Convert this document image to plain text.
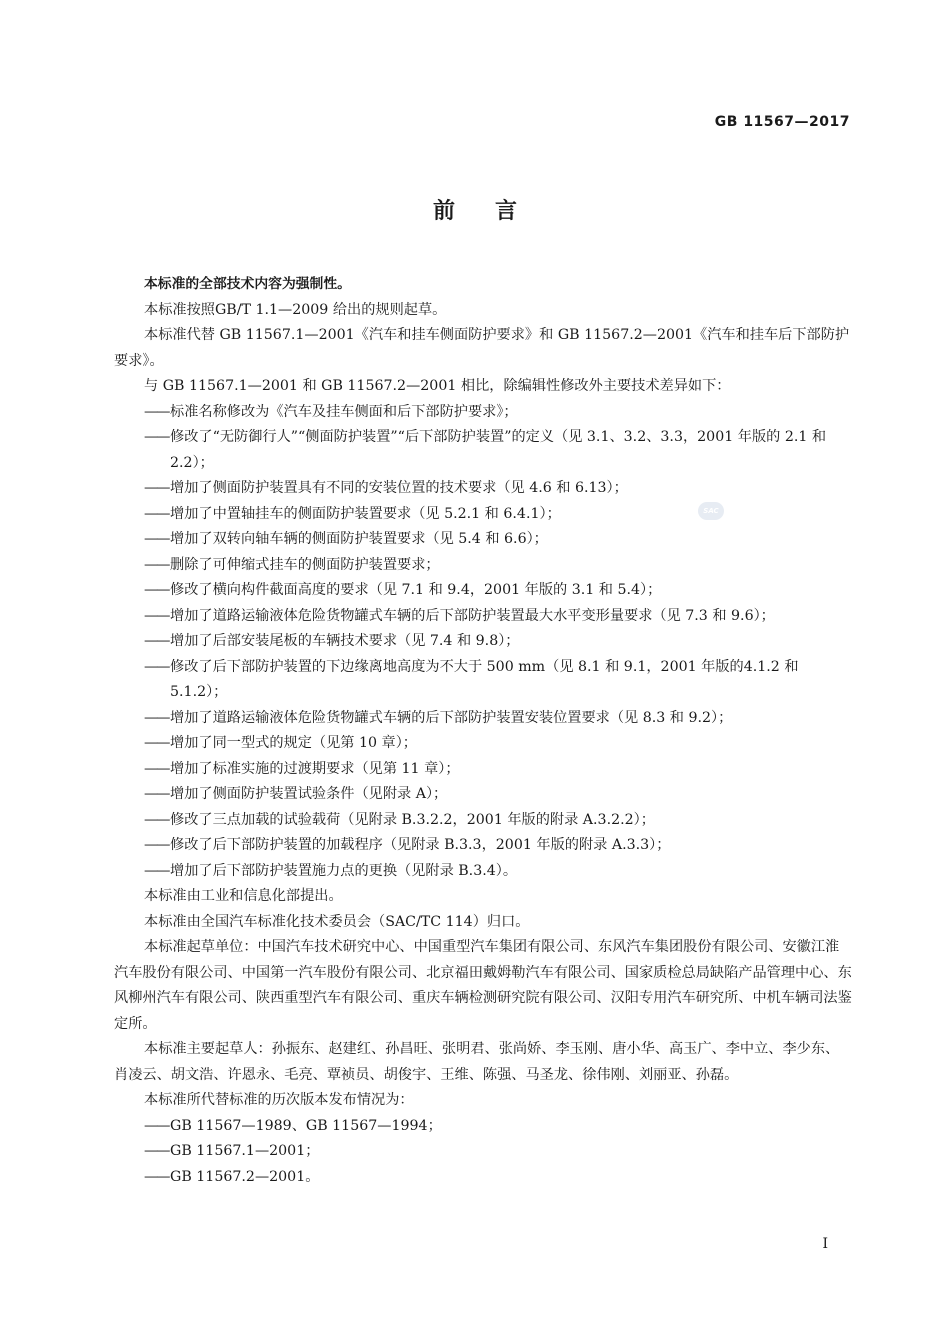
GB 11567—2017
前言
SAC

本标准的全部技术内容为强制性。

本标准按照GB/T 1.1—2009 给出的规则起草。

本标准代替 GB 11567.1—2001《汽车和挂车侧面防护要求》和 GB 11567.2—2001《汽车和挂车后下部防护要求》。

与 GB 11567.1—2001 和 GB 11567.2—2001 相比，除编辑性修改外主要技术差异如下：

—— 标准名称修改为《汽车及挂车侧面和后下部防护要求》；

—— 修改了“无防御行人”“侧面防护装置”“后下部防护装置”的定义（见 3.1、3.2、3.3，2001 年版的 2.1 和 2.2）；

—— 增加了侧面防护装置具有不同的安装位置的技术要求（见 4.6 和 6.13）；

—— 增加了中置轴挂车的侧面防护装置要求（见 5.2.1 和 6.4.1）；

—— 增加了双转向轴车辆的侧面防护装置要求（见 5.4 和 6.6）；

—— 删除了可伸缩式挂车的侧面防护装置要求；

—— 修改了横向构件截面高度的要求（见 7.1 和 9.4，2001 年版的 3.1 和 5.4）；

—— 增加了道路运输液体危险货物罐式车辆的后下部防护装置最大水平变形量要求（见 7.3 和 9.6）；

—— 增加了后部安装尾板的车辆技术要求（见 7.4 和 9.8）；

—— 修改了后下部防护装置的下边缘离地高度为不大于 500 mm（见 8.1 和 9.1，2001 年版的4.1.2 和 5.1.2）；

—— 增加了道路运输液体危险货物罐式车辆的后下部防护装置安装位置要求（见 8.3 和 9.2）；

—— 增加了同一型式的规定（见第 10 章）；

—— 增加了标准实施的过渡期要求（见第 11 章）；

—— 增加了侧面防护装置试验条件（见附录 A）；

—— 修改了三点加载的试验载荷（见附录 B.3.2.2，2001 年版的附录 A.3.2.2）；

—— 修改了后下部防护装置的加载程序（见附录 B.3.3，2001 年版的附录 A.3.3）；

—— 增加了后下部防护装置施力点的更换（见附录 B.3.4）。

本标准由工业和信息化部提出。

本标准由全国汽车标准化技术委员会（SAC/TC 114）归口。

本标准起草单位：中国汽车技术研究中心、中国重型汽车集团有限公司、东风汽车集团股份有限公司、安徽江淮汽车股份有限公司、中国第一汽车股份有限公司、北京福田戴姆勒汽车有限公司、国家质检总局缺陷产品管理中心、东风柳州汽车有限公司、陕西重型汽车有限公司、重庆车辆检测研究院有限公司、汉阳专用汽车研究所、中机车辆司法鉴定所。

本标准主要起草人：孙振东、赵建红、孙昌旺、张明君、张尚娇、李玉刚、唐小华、高玉广、李中立、李少东、肖凌云、胡文浩、许恩永、毛亮、覃祯员、胡俊宇、王维、陈强、马圣龙、徐伟刚、刘丽亚、孙磊。

本标准所代替标准的历次版本发布情况为：

—— GB 11567—1989、GB 11567—1994；

—— GB 11567.1—2001；

—— GB 11567.2—2001。

I
